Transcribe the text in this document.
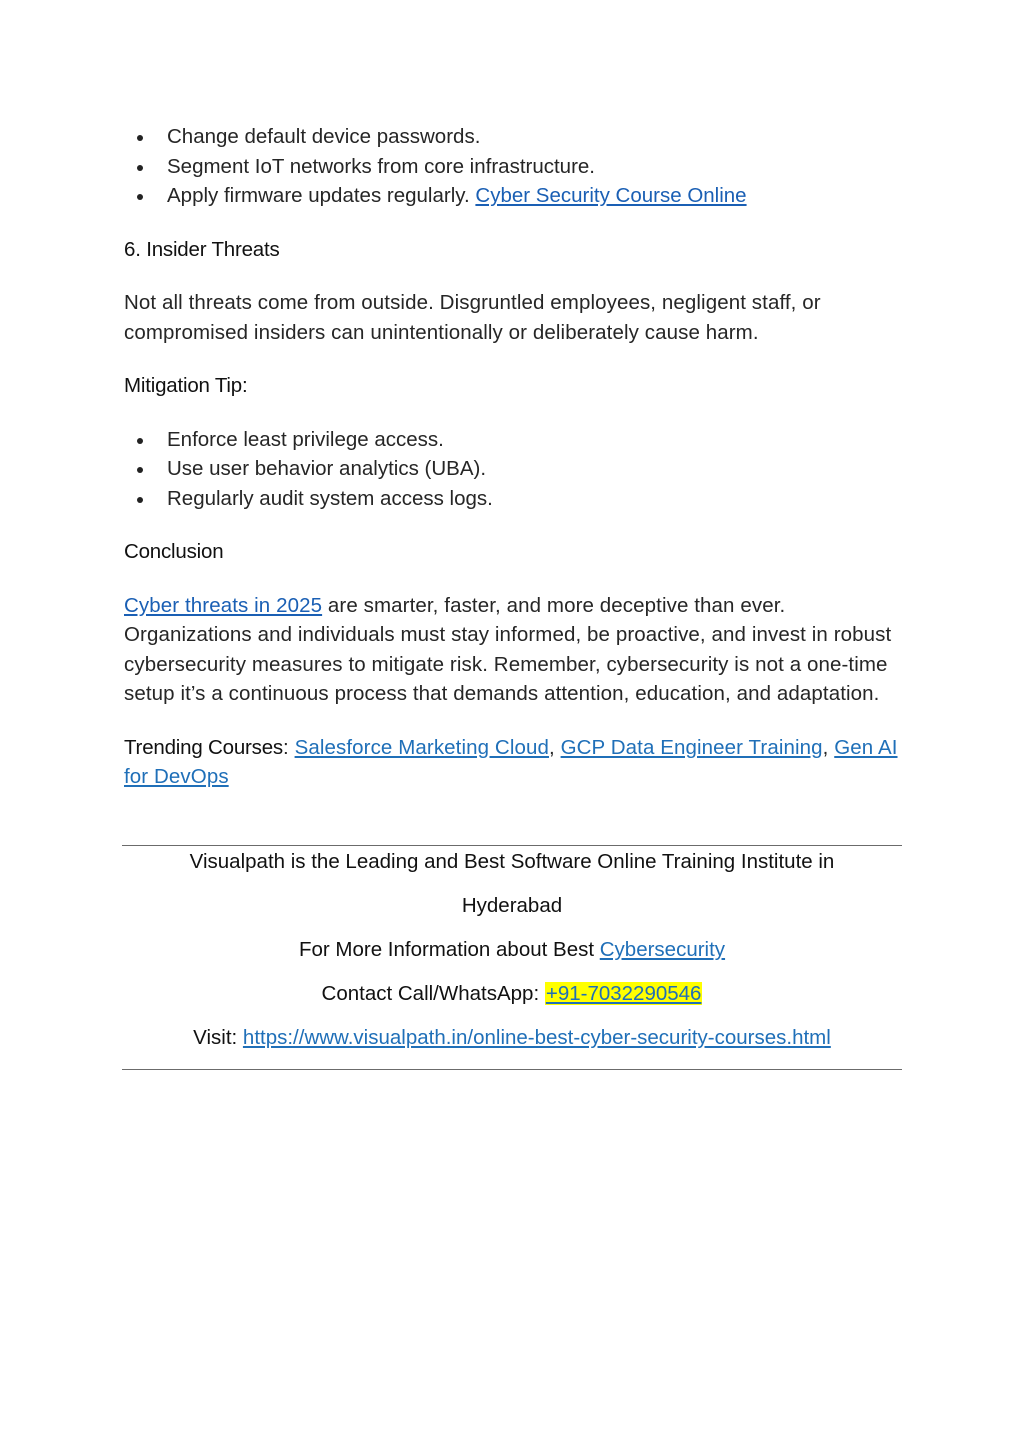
Change default device passwords.
Segment IoT networks from core infrastructure.
Apply firmware updates regularly. Cyber Security Course Online
6. Insider Threats
Not all threats come from outside. Disgruntled employees, negligent staff, or compromised insiders can unintentionally or deliberately cause harm.
Mitigation Tip:
Enforce least privilege access.
Use user behavior analytics (UBA).
Regularly audit system access logs.
Conclusion
Cyber threats in 2025 are smarter, faster, and more deceptive than ever. Organizations and individuals must stay informed, be proactive, and invest in robust cybersecurity measures to mitigate risk. Remember, cybersecurity is not a one-time setup it’s a continuous process that demands attention, education, and adaptation.
Trending Courses: Salesforce Marketing Cloud, GCP Data Engineer Training, Gen AI for DevOps
Visualpath is the Leading and Best Software Online Training Institute in
Hyderabad
For More Information about Best Cybersecurity
Contact Call/WhatsApp: +91-7032290546
Visit: https://www.visualpath.in/online-best-cyber-security-courses.html
